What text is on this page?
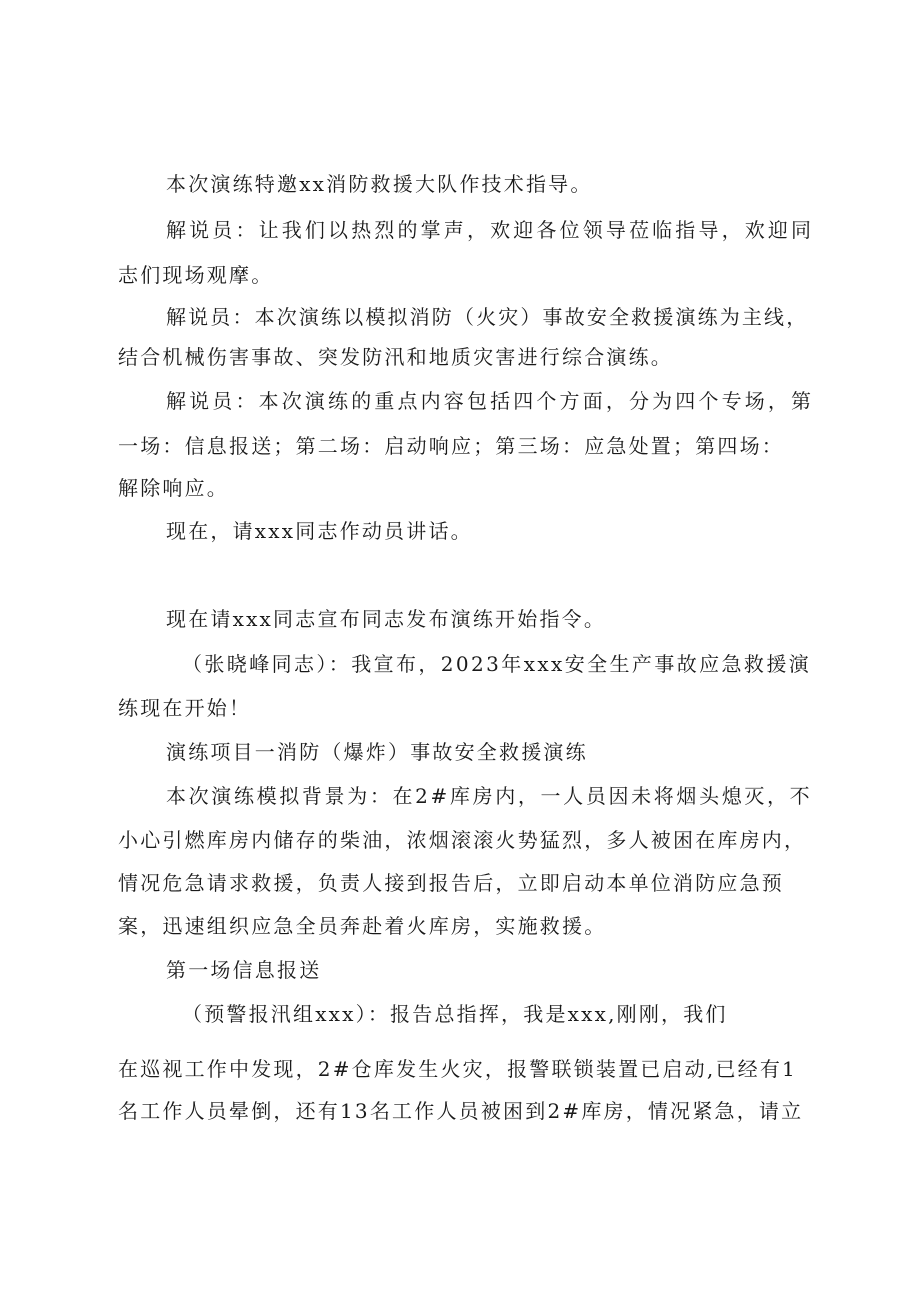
本次演练特邀xx消防救援大队作技术指导。
解说员：让我们以热烈的掌声，欢迎各位领导莅临指导，欢迎同
志们现场观摩。
解说员：本次演练以模拟消防（火灾）事故安全救援演练为主线，
结合机械伤害事故、突发防汛和地质灾害进行综合演练。
解说员：本次演练的重点内容包括四个方面，分为四个专场，第
一场：信息报送；第二场：启动响应；第三场：应急处置；第四场：
解除响应。
现在，请xxx同志作动员讲话。
现在请xxx同志宣布同志发布演练开始指令。
（张晓峰同志）：我宣布，2023年xxx安全生产事故应急救援演
练现在开始！
演练项目一消防（爆炸）事故安全救援演练
本次演练模拟背景为：在2#库房内，一人员因未将烟头熄灭，不
小心引燃库房内储存的柴油，浓烟滚滚火势猛烈，多人被困在库房内，
情况危急请求救援，负责人接到报告后，立即启动本单位消防应急预
案，迅速组织应急全员奔赴着火库房，实施救援。
第一场信息报送
（预警报汛组xxx）：报告总指挥，我是xxx,刚刚，我们
在巡视工作中发现，2#仓库发生火灾，报警联锁装置已启动,已经有1
名工作人员晕倒，还有13名工作人员被困到2#库房，情况紧急，请立
